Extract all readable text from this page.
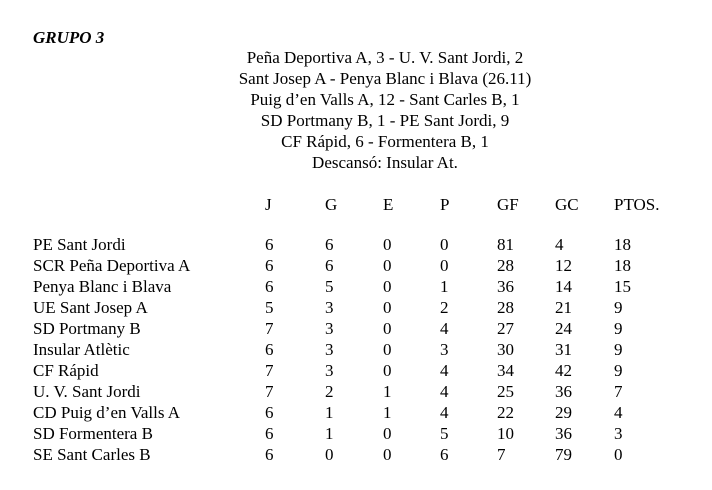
GRUPO 3
Peña Deportiva A, 3 - U. V. Sant Jordi, 2
Sant Josep A - Penya Blanc i Blava (26.11)
Puig d’en Valls A, 12 - Sant Carles B, 1
SD Portmany B, 1 - PE Sant Jordi, 9
CF Rápid, 6 - Formentera B, 1
Descansó: Insular At.
	J	G	E	P	GF	GC	PTOS.

PE Sant Jordi	6	6	0	0	81	4	18
SCR Peña Deportiva A	6	6	0	0	28	12	18
Penya Blanc i Blava	6	5	0	1	36	14	15
UE Sant Josep A	5	3	0	2	28	21	9
SD Portmany B	7	3	0	4	27	24	9
Insular Atlètic	6	3	0	3	30	31	9
CF Rápid	7	3	0	4	34	42	9
U. V. Sant Jordi	7	2	1	4	25	36	7
CD Puig d’en Valls A	6	1	1	4	22	29	4
SD Formentera B	6	1	0	5	10	36	3
SE Sant Carles B	6	0	0	6	7	79	0
